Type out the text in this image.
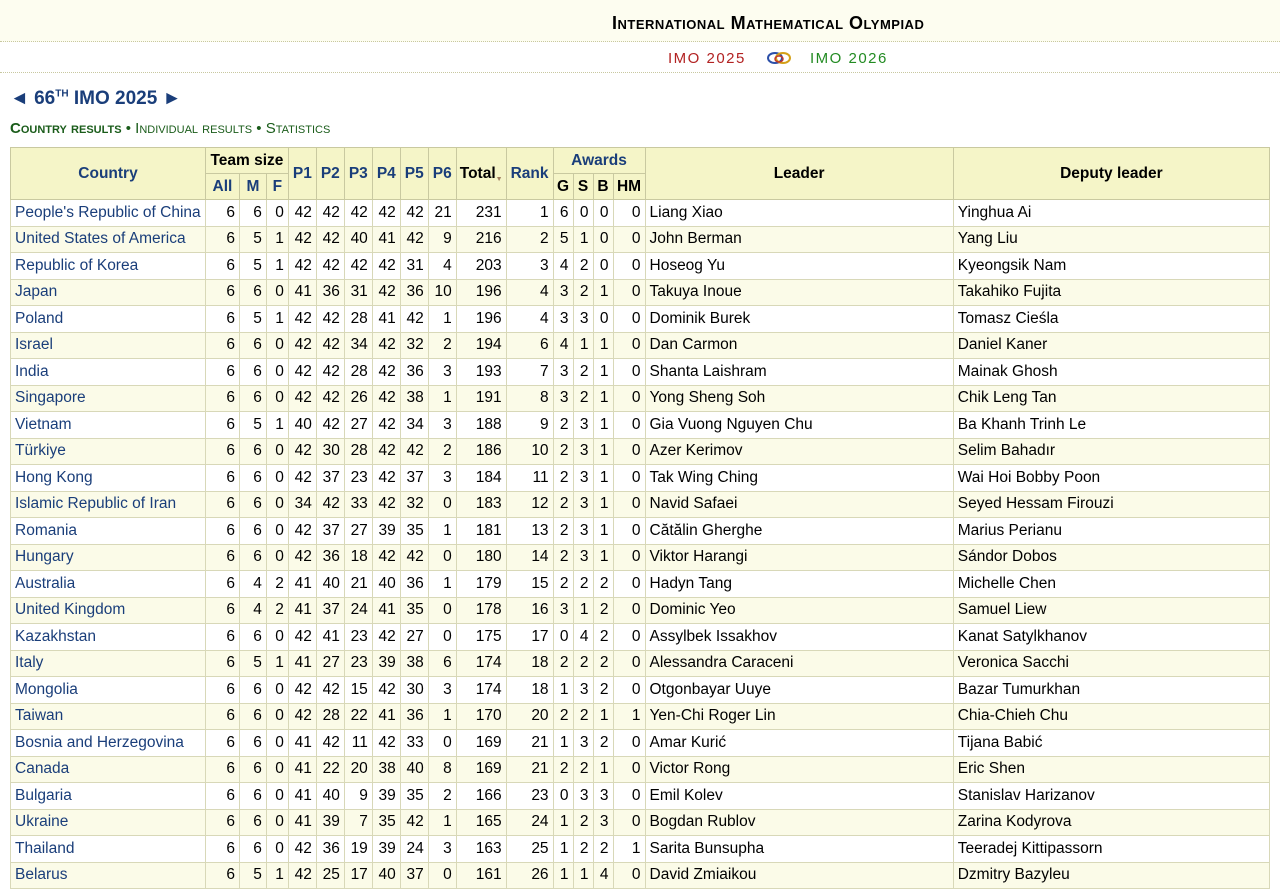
International Mathematical Olympiad
IMO 2025	IMO 2026
◄ 66TH IMO 2025 ►
Country results • Individual results • Statistics
Country	Team size			P1	P2	P3	P4	P5	P6	Total▼	Rank	Awards				Leader	Deputy leader
	All	M	F									G	S	B	HM		
People's Republic of China	6	6	0	42	42	42	42	42	21	231	1	6	0	0	0	Liang Xiao	Yinghua Ai
United States of America	6	5	1	42	42	40	41	42	9	216	2	5	1	0	0	John Berman	Yang Liu
Republic of Korea	6	5	1	42	42	42	42	31	4	203	3	4	2	0	0	Hoseog Yu	Kyeongsik Nam
Japan	6	6	0	41	36	31	42	36	10	196	4	3	2	1	0	Takuya Inoue	Takahiko Fujita
Poland	6	5	1	42	42	28	41	42	1	196	4	3	3	0	0	Dominik Burek	Tomasz Cieśla
Israel	6	6	0	42	42	34	42	32	2	194	6	4	1	1	0	Dan Carmon	Daniel Kaner
India	6	6	0	42	42	28	42	36	3	193	7	3	2	1	0	Shanta Laishram	Mainak Ghosh
Singapore	6	6	0	42	42	26	42	38	1	191	8	3	2	1	0	Yong Sheng Soh	Chik Leng Tan
Vietnam	6	5	1	40	42	27	42	34	3	188	9	2	3	1	0	Gia Vuong Nguyen Chu	Ba Khanh Trinh Le
Türkiye	6	6	0	42	30	28	42	42	2	186	10	2	3	1	0	Azer Kerimov	Selim Bahadır
Hong Kong	6	6	0	42	37	23	42	37	3	184	11	2	3	1	0	Tak Wing Ching	Wai Hoi Bobby Poon
Islamic Republic of Iran	6	6	0	34	42	33	42	32	0	183	12	2	3	1	0	Navid Safaei	Seyed Hessam Firouzi
Romania	6	6	0	42	37	27	39	35	1	181	13	2	3	1	0	Cătălin Gherghe	Marius Perianu
Hungary	6	6	0	42	36	18	42	42	0	180	14	2	3	1	0	Viktor Harangi	Sándor Dobos
Australia	6	4	2	41	40	21	40	36	1	179	15	2	2	2	0	Hadyn Tang	Michelle Chen
United Kingdom	6	4	2	41	37	24	41	35	0	178	16	3	1	2	0	Dominic Yeo	Samuel Liew
Kazakhstan	6	6	0	42	41	23	42	27	0	175	17	0	4	2	0	Assylbek Issakhov	Kanat Satylkhanov
Italy	6	5	1	41	27	23	39	38	6	174	18	2	2	2	0	Alessandra Caraceni	Veronica Sacchi
Mongolia	6	6	0	42	42	15	42	30	3	174	18	1	3	2	0	Otgonbayar Uuye	Bazar Tumurkhan
Taiwan	6	6	0	42	28	22	41	36	1	170	20	2	2	1	1	Yen-Chi Roger Lin	Chia-Chieh Chu
Bosnia and Herzegovina	6	6	0	41	42	11	42	33	0	169	21	1	3	2	0	Amar Kurić	Tijana Babić
Canada	6	6	0	41	22	20	38	40	8	169	21	2	2	1	0	Victor Rong	Eric Shen
Bulgaria	6	6	0	41	40	9	39	35	2	166	23	0	3	3	0	Emil Kolev	Stanislav Harizanov
Ukraine	6	6	0	41	39	7	35	42	1	165	24	1	2	3	0	Bogdan Rublov	Zarina Kodyrova
Thailand	6	6	0	42	36	19	39	24	3	163	25	1	2	2	1	Sarita Bunsupha	Teeradej Kittipassorn
Belarus	6	5	1	42	25	17	40	37	0	161	26	1	1	4	0	David Zmiaikou	Dzmitry Bazyleu
